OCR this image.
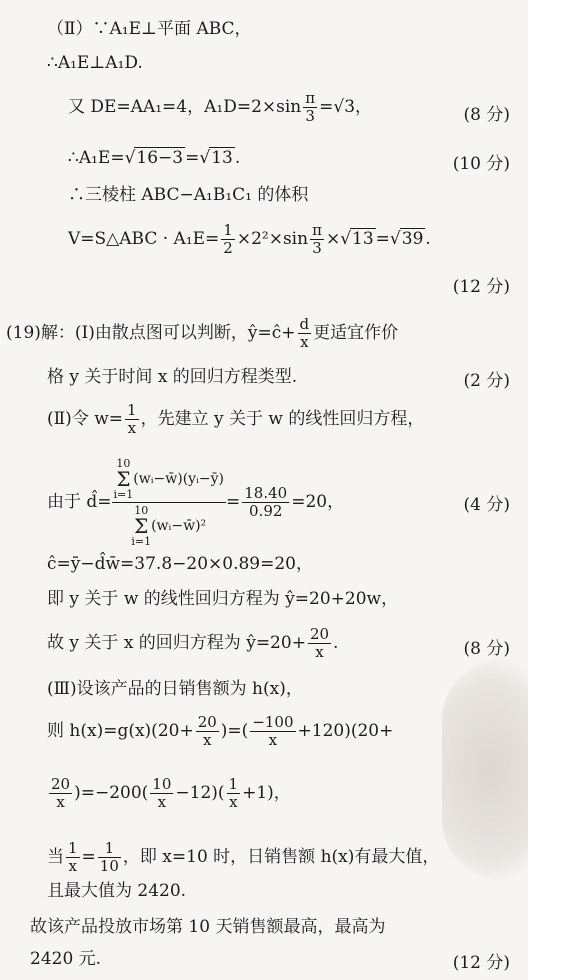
（Ⅱ）∵A₁E⊥平面 ABC，
∴A₁E⊥A₁D.
又 DE=AA₁=4，$A_1D=2\times\sin \frac{\pi}{3} =√3$，	(8 分)
∴A₁E=√16−3 =√13 .	(10 分)
∴三棱柱 ABC−A₁B₁C₁ 的体积
V=S△ABC · $A_1E= \frac{1}{2} \times 2^2\times\sin \frac{\pi}{3} \times√13 =√39$ .
(12 分)
(19)解：(Ⅰ)由散点图可以判断，ŷ=ĉ+ $\frac{d}{x}$ 更适宜作价
格 y 关于时间 x 的回归方程类型.	(2 分)
(Ⅱ)令 $w= \frac{1}{x}$ ，先建立 y 关于 w 的线性回归方程，
由于 d̂= 10
Σ
i=1(wᵢ−w̄)(yᵢ−ȳ)
10
Σ
i=1(wᵢ−w̄)² = $\frac{18.40}{0.92} =20$，	(4 分)
ĉ=ȳ−d̂w̄=37.8−20×0.89=20，
即 y 关于 w 的线性回归方程为 ŷ=20+20w，
故 y 关于 x 的回归方程为 ŷ=20+ $\frac{20}{x}$ .	(8 分)
(Ⅲ)设该产品的日销售额为 h(x)，
则 $h(x)=g(x)(20+ \frac{20}{x}$ )=( $\frac{-100}{x} +120)(20+$
$\frac{20}{x} )=-200( \frac{10}{x} -12)( \frac{1}{x} +1)$，
当 $\frac{1}{x} = \frac{1}{10}$ ，即 x=10 时，日销售额 h(x)有最大值，
且最大值为 2420.
故该产品投放市场第 10 天销售额最高，最高为
2420 元.	(12 分)
